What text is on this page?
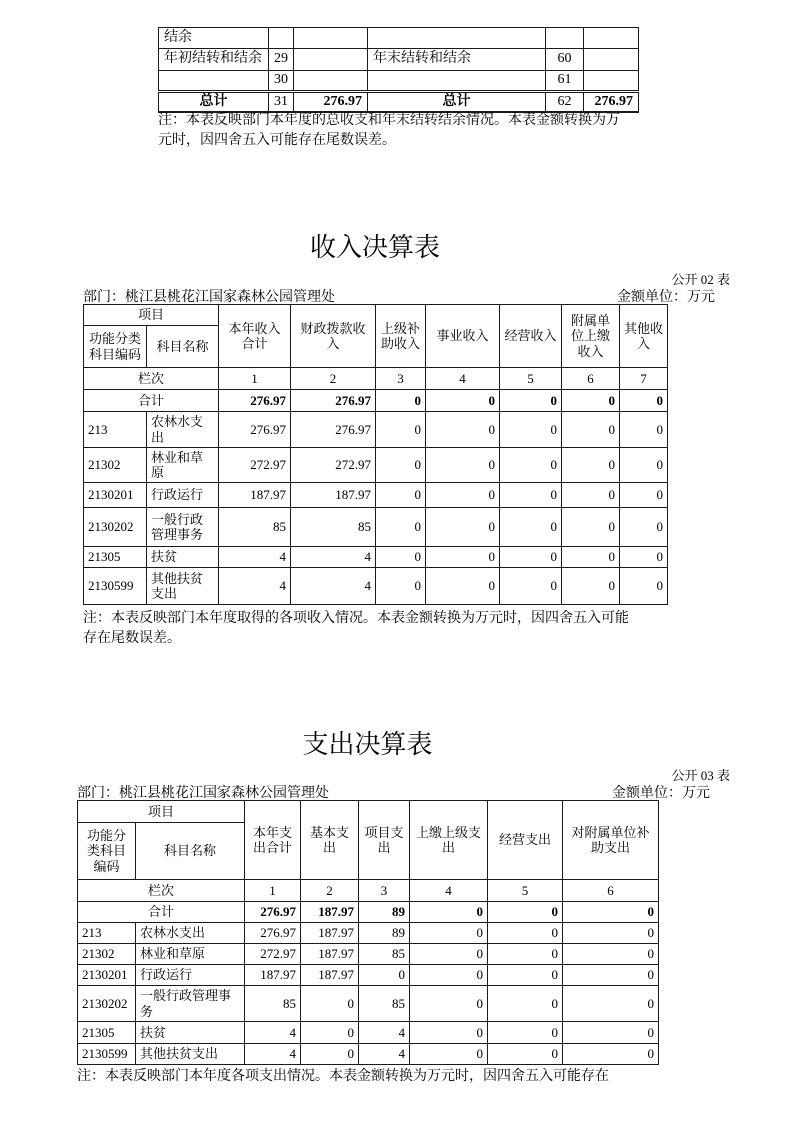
结余					
年初结转和结余	29		年末结转和结余	60	
	30			61	
总计	31	276.97	总计	62	276.97
注：本表反映部门本年度的总收支和年末结转结余情况。本表金额转换为万元时，因四舍五入可能存在尾数误差。
收入决算表
公开 02 表
部门：桃江县桃花江国家森林公园管理处	金额单位：万元
项目		本年收入合计	财政拨款收入	上级补助收入	事业收入	经营收入	附属单位上缴收入	其他收入
功能分类科目编码	科目名称							
栏次		1	2	3	4	5	6	7
合计		276.97	276.97	0	0	0	0	0
213	农林水支出	276.97	276.97	0	0	0	0	0
21302	林业和草原	272.97	272.97	0	0	0	0	0
2130201	行政运行	187.97	187.97	0	0	0	0	0
2130202	一般行政管理事务	85	85	0	0	0	0	0
21305	扶贫	4	4	0	0	0	0	0
2130599	其他扶贫支出	4	4	0	0	0	0	0
注：本表反映部门本年度取得的各项收入情况。本表金额转换为万元时，因四舍五入可能存在尾数误差。
支出决算表
公开 03 表
部门：桃江县桃花江国家森林公园管理处	金额单位：万元
项目		本年支出合计	基本支出	项目支出	上缴上级支出	经营支出	对附属单位补助支出
功能分类科目编码	科目名称						
栏次		1	2	3	4	5	6
合计		276.97	187.97	89	0	0	0
213	农林水支出	276.97	187.97	89	0	0	0
21302	林业和草原	272.97	187.97	85	0	0	0
2130201	行政运行	187.97	187.97	0	0	0	0
2130202	一般行政管理事务	85	0	85	0	0	0
21305	扶贫	4	0	4	0	0	0
2130599	其他扶贫支出	4	0	4	0	0	0
注：本表反映部门本年度各项支出情况。本表金额转换为万元时，因四舍五入可能存在
